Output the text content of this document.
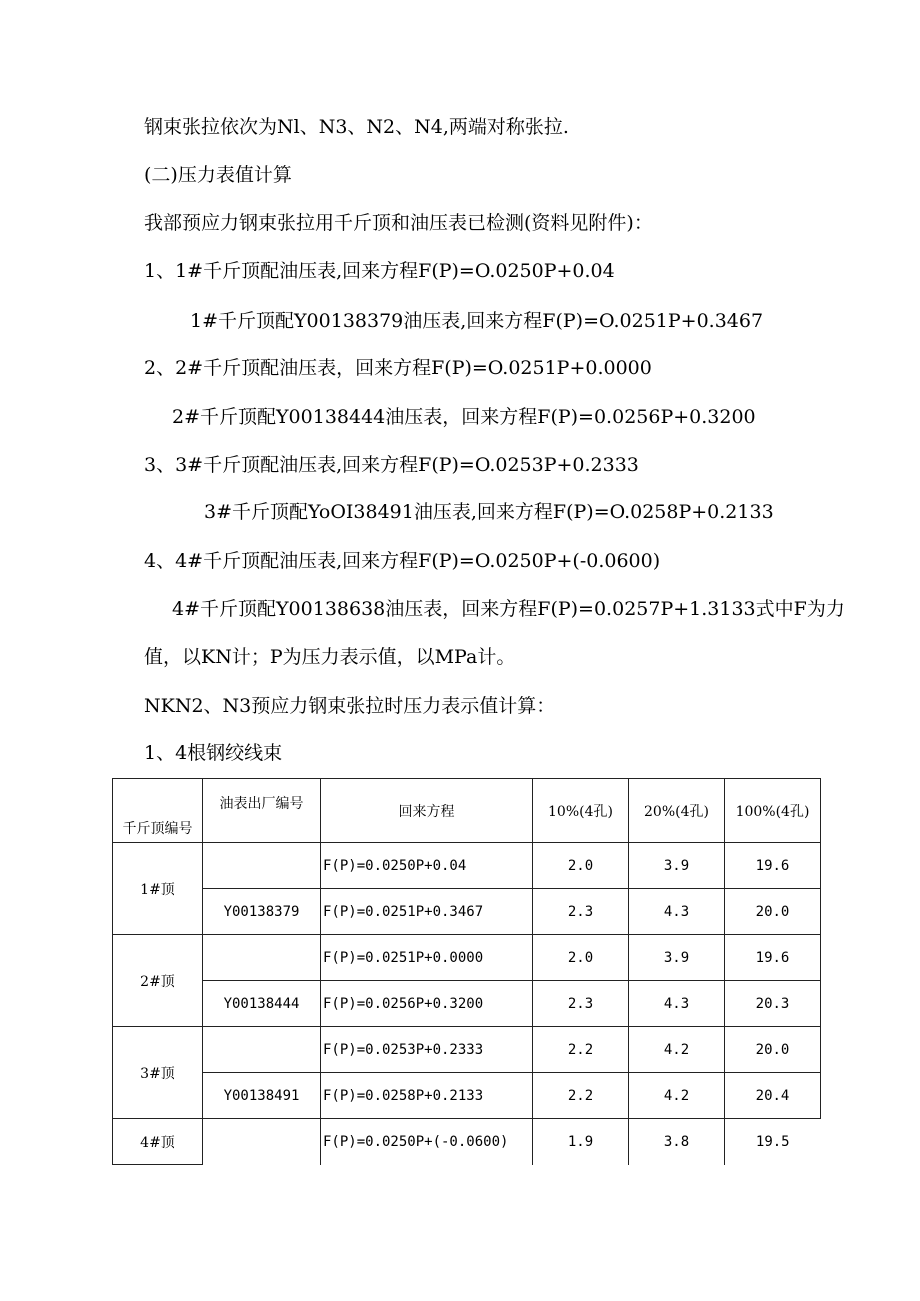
钢束张拉依次为Nl、N3、N2、N4,两端对称张拉.
(二)压力表值计算
我部预应力钢束张拉用千斤顶和油压表已检测(资料见附件)：
1、1#千斤顶配油压表,回来方程F(P)=O.0250P+0.04
1#千斤顶配Y00138379油压表,回来方程F(P)=O.0251P+0.3467
2、2#千斤顶配油压表，回来方程F(P)=O.0251P+0.0000
2#千斤顶配Y00138444油压表，回来方程F(P)=0.0256P+0.3200
3、3#千斤顶配油压表,回来方程F(P)=O.0253P+0.2333
3#千斤顶配YoOI38491油压表,回来方程F(P)=O.0258P+0.2133
4、4#千斤顶配油压表,回来方程F(P)=O.0250P+(-0.0600)
4#千斤顶配Y00138638油压表，回来方程F(P)=0.0257P+1.3133式中F为力
值，以KN计；P为压力表示值，以MPa计。
NKN2、N3预应力钢束张拉时压力表示值计算：
1、4根钢绞线束
千斤顶编号	油表出厂编号	回来方程	10%(4孔)	20%(4孔)	100%(4孔)
1#顶		F(P)=0.0250P+0.04	2.0	3.9	19.6
	Y00138379	F(P)=0.0251P+0.3467	2.3	4.3	20.0
2#顶		F(P)=0.0251P+0.0000	2.0	3.9	19.6
	Y00138444	F(P)=0.0256P+0.3200	2.3	4.3	20.3
3#顶		F(P)=0.0253P+0.2333	2.2	4.2	20.0
	Y00138491	F(P)=0.0258P+0.2133	2.2	4.2	20.4
4#顶		F(P)=0.0250P+(-0.0600)	1.9	3.8	19.5
